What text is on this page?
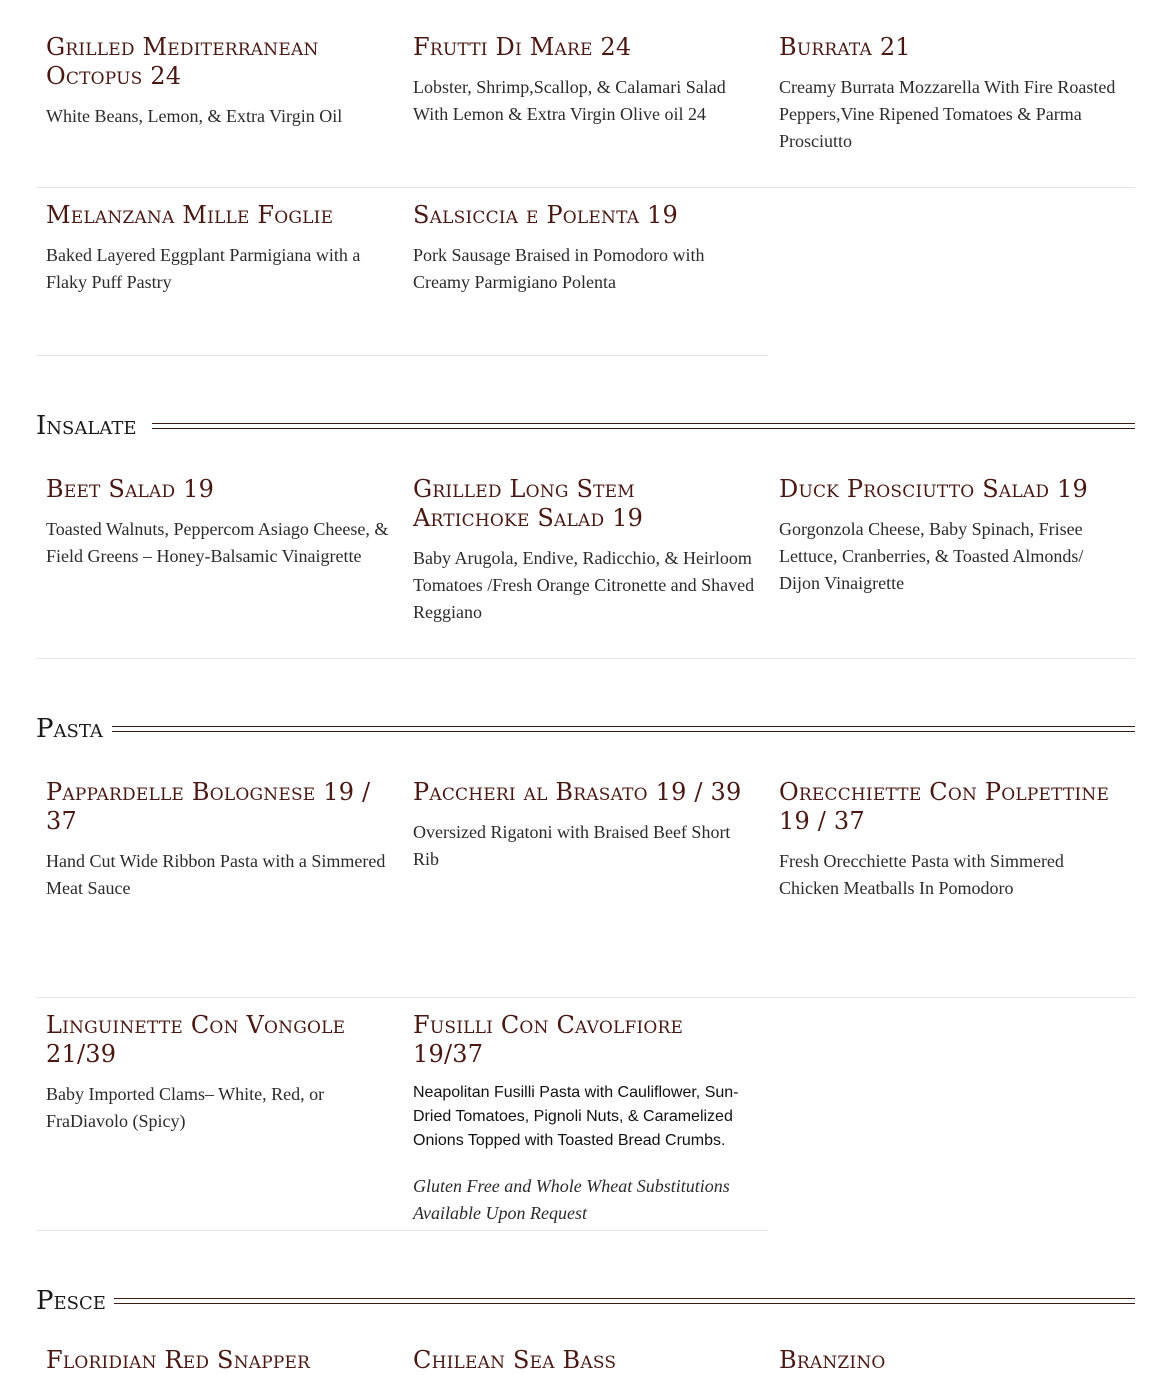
Grilled Mediterranean Octopus 24

White Beans, Lemon, & Extra Virgin Oil

Frutti Di Mare 24

Lobster, Shrimp,Scallop, & Calamari Salad With Lemon & Extra Virgin Olive oil 24

Burrata 21

Creamy Burrata Mozzarella With Fire Roasted Peppers,Vine Ripened Tomatoes & Parma Prosciutto

Melanzana Mille Foglie

Baked Layered Eggplant Parmigiana with a Flaky Puff Pastry

Salsiccia e Polenta 19

Pork Sausage Braised in Pomodoro with Creamy Parmigiano Polenta

Insalate
Beet Salad 19

Toasted Walnuts, Peppercom Asiago Cheese, & Field Greens – Honey-Balsamic Vinaigrette

Grilled Long Stem Artichoke Salad 19

Baby Arugola, Endive, Radicchio, & Heirloom Tomatoes /Fresh Orange Citronette and Shaved Reggiano

Duck Prosciutto Salad 19

Gorgonzola Cheese, Baby Spinach, Frisee Lettuce, Cranberries, & Toasted Almonds/ Dijon Vinaigrette

Pasta
Pappardelle Bolognese 19 / 37

Hand Cut Wide Ribbon Pasta with a Simmered Meat Sauce

Paccheri al Brasato 19 / 39

Oversized Rigatoni with Braised Beef Short Rib

Orecchiette Con Polpettine 19 / 37

Fresh Orecchiette Pasta with Simmered Chicken Meatballs In Pomodoro

Linguinette Con Vongole 21/39

Baby Imported Clams– White, Red, or FraDiavolo (Spicy)

Fusilli Con Cavolfiore 19/37

Neapolitan Fusilli Pasta with Cauliflower, Sun-Dried Tomatoes, Pignoli Nuts, & Caramelized Onions Topped with Toasted Bread Crumbs.

Gluten Free and Whole Wheat Substitutions Available Upon Request

Pesce
Floridian Red Snapper	Chilean Sea Bass	Branzino
